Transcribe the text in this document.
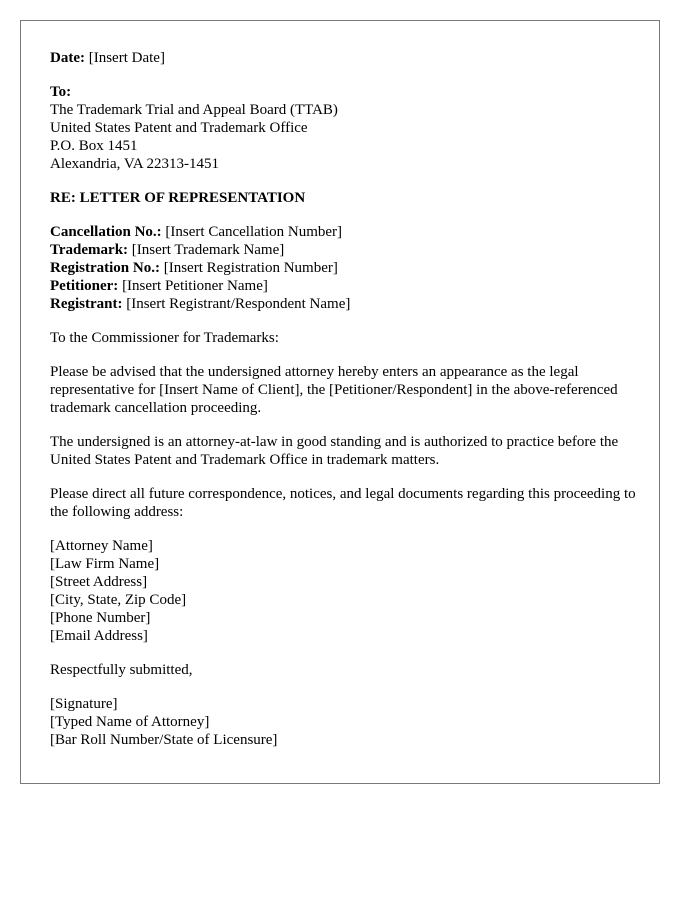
Date: [Insert Date]
To:
The Trademark Trial and Appeal Board (TTAB)
United States Patent and Trademark Office
P.O. Box 1451
Alexandria, VA 22313-1451
RE: LETTER OF REPRESENTATION
Cancellation No.: [Insert Cancellation Number]
Trademark: [Insert Trademark Name]
Registration No.: [Insert Registration Number]
Petitioner: [Insert Petitioner Name]
Registrant: [Insert Registrant/Respondent Name]
To the Commissioner for Trademarks:
Please be advised that the undersigned attorney hereby enters an appearance as the legal representative for [Insert Name of Client], the [Petitioner/Respondent] in the above-referenced trademark cancellation proceeding.
The undersigned is an attorney-at-law in good standing and is authorized to practice before the United States Patent and Trademark Office in trademark matters.
Please direct all future correspondence, notices, and legal documents regarding this proceeding to the following address:
[Attorney Name]
[Law Firm Name]
[Street Address]
[City, State, Zip Code]
[Phone Number]
[Email Address]
Respectfully submitted,
[Signature]
[Typed Name of Attorney]
[Bar Roll Number/State of Licensure]
